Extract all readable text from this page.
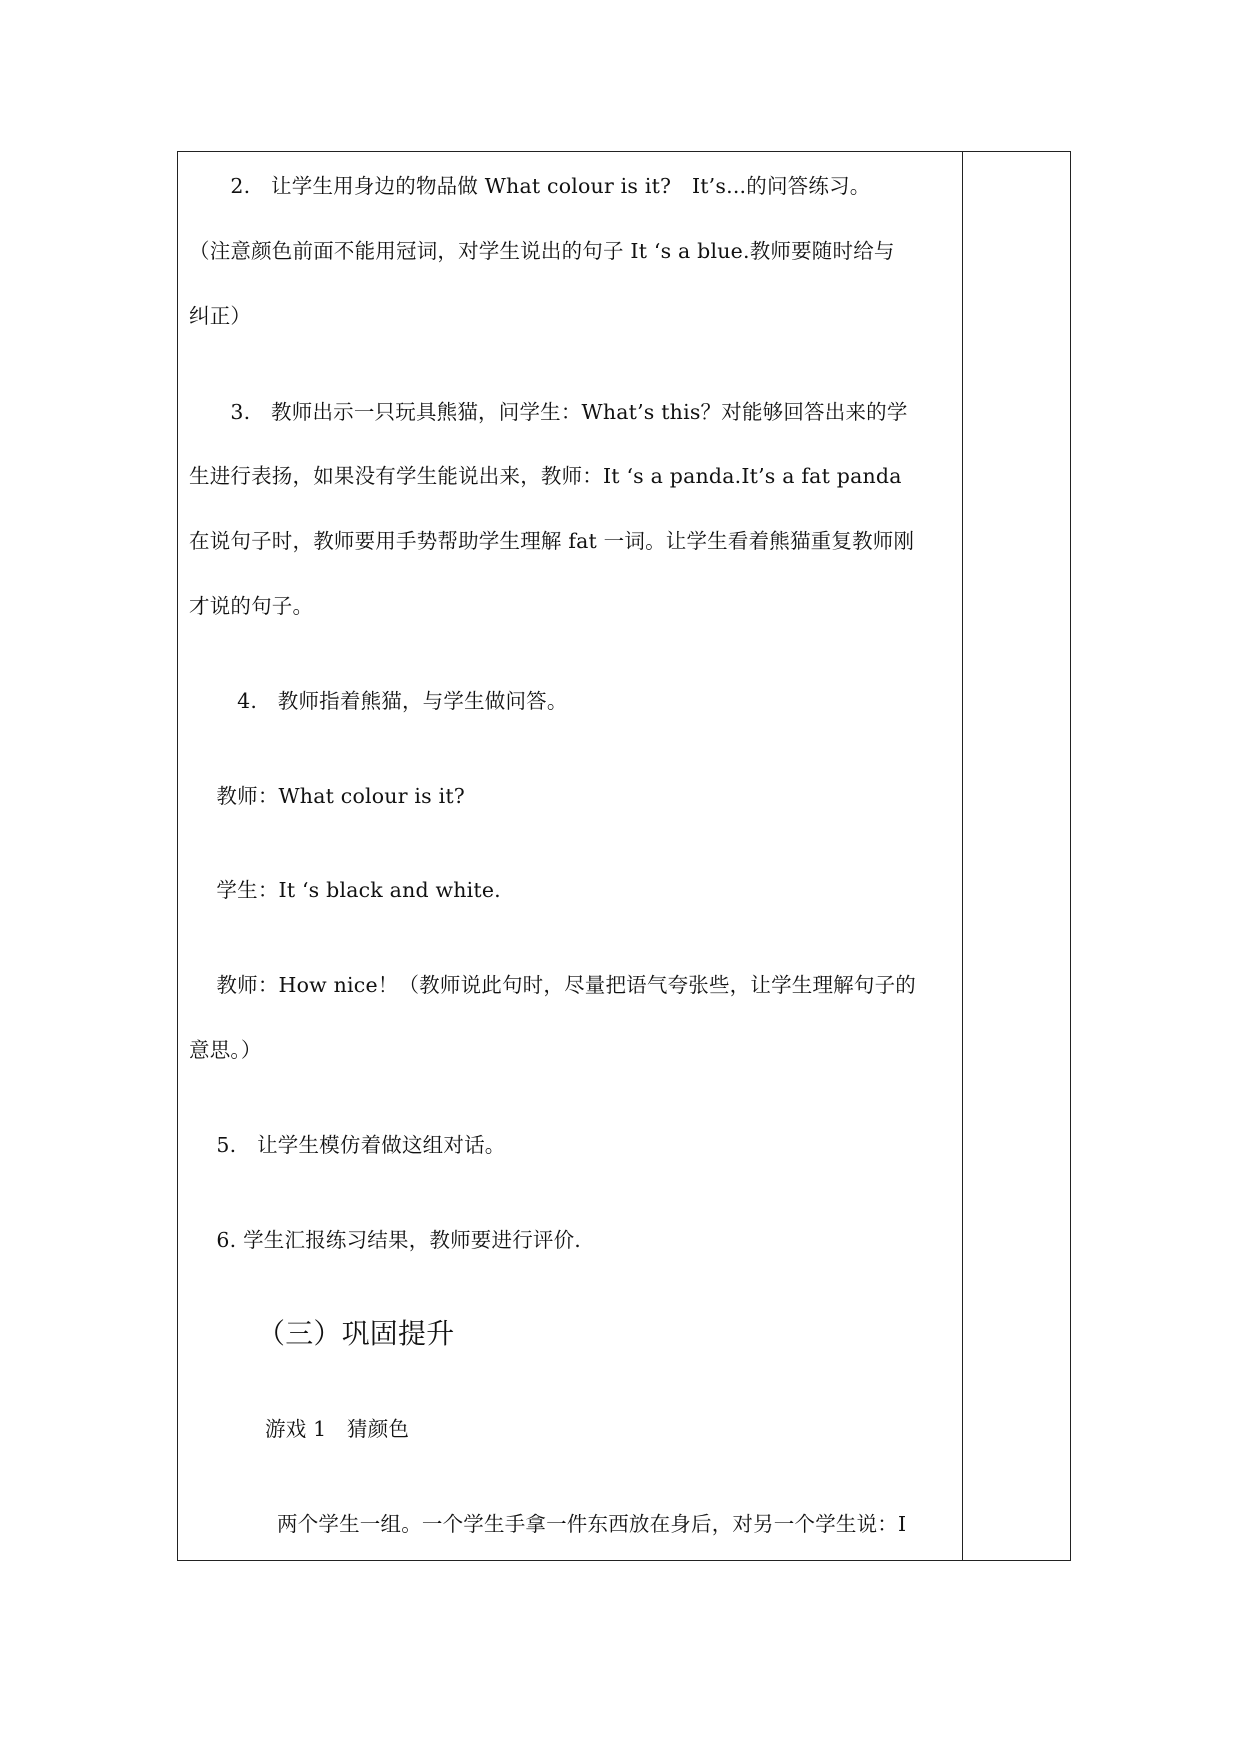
　　2.　让学生用身边的物品做 What colour is it?　It’s...的问答练习。
（注意颜色前面不能用冠词，对学生说出的句子 It ‘s a blue.教师要随时给与
纠正）
　　3.　教师出示一只玩具熊猫，问学生：What’s this？对能够回答出来的学
生进行表扬，如果没有学生能说出来，教师：It ‘s a panda.It’s a fat panda
在说句子时，教师要用手势帮助学生理解 fat 一词。让学生看着熊猫重复教师刚
才说的句子。
　　 4.　教师指着熊猫，与学生做问答。
　 教师：What colour is it?
　 学生：It ‘s black and white.
　 教师：How nice！（教师说此句时，尽量把语气夸张些，让学生理解句子的
意思。）
　 5.　让学生模仿着做这组对话。
　 6. 学生汇报练习结果，教师要进行评价.
（三）巩固提升
游戏 1　猜颜色
两个学生一组。一个学生手拿一件东西放在身后，对另一个学生说：I
